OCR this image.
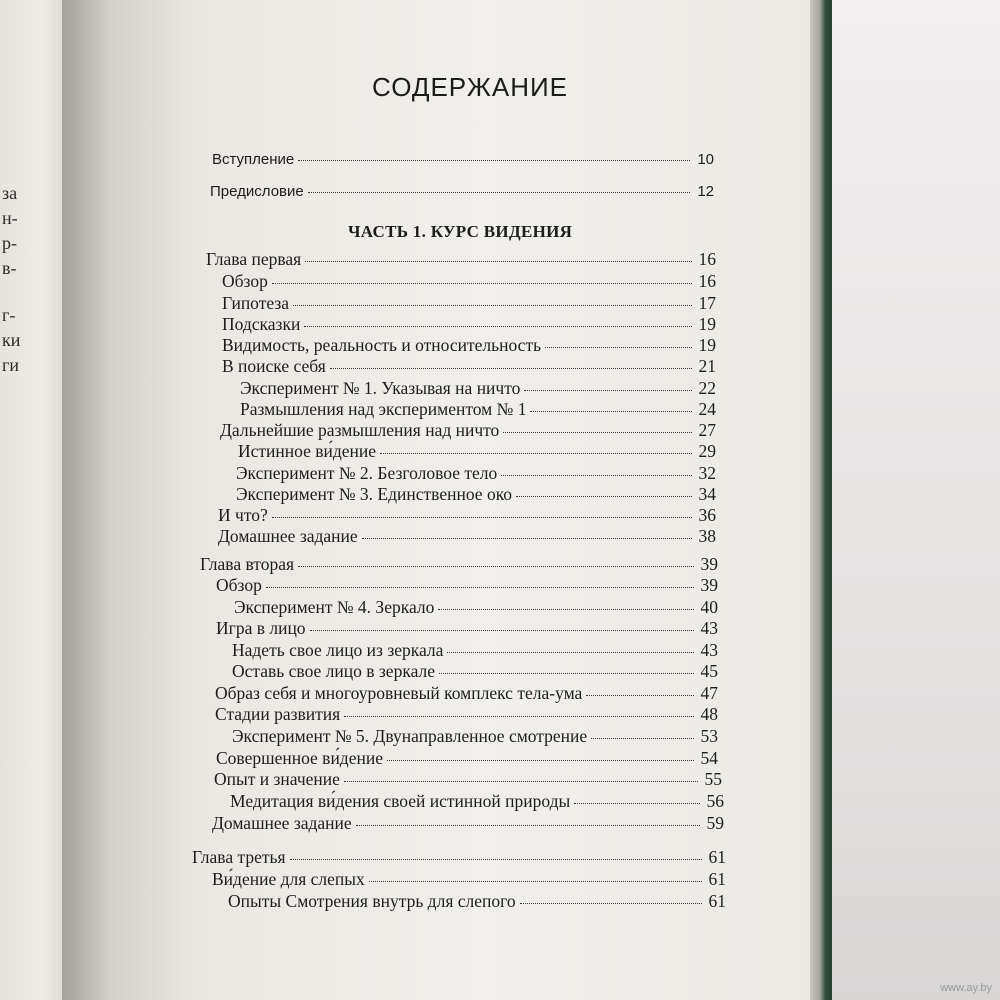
за
н-
р-
в-
г-
ки
ги
СОДЕРЖАНИЕ
Вступление	10
Предисловие	12
ЧАСТЬ 1. КУРС ВИДЕНИЯ
Глава первая	16
Обзор	16
Гипотеза	17
Подсказки	19
Видимость, реальность и относительность	19
В поиске себя	21
Эксперимент № 1. Указывая на ничто	22
Размышления над экспериментом № 1	24
Дальнейшие размышления над ничто	27
Истинное ви́дение	29
Эксперимент № 2. Безголовое тело	32
Эксперимент № 3. Единственное око	34
И что?	36
Домашнее задание	38
Глава вторая	39
Обзор	39
Эксперимент № 4. Зеркало	40
Игра в лицо	43
Надеть свое лицо из зеркала	43
Оставь свое лицо в зеркале	45
Образ себя и многоуровневый комплекс тела-ума	47
Стадии развития	48
Эксперимент № 5. Двунаправленное смотрение	53
Совершенное ви́дение	54
Опыт и значение	55
Медитация ви́дения своей истинной природы	56
Домашнее задание	59
Глава третья	61
Ви́дение для слепых	61
Опыты Смотрения внутрь для слепого	61
www.ay.by
